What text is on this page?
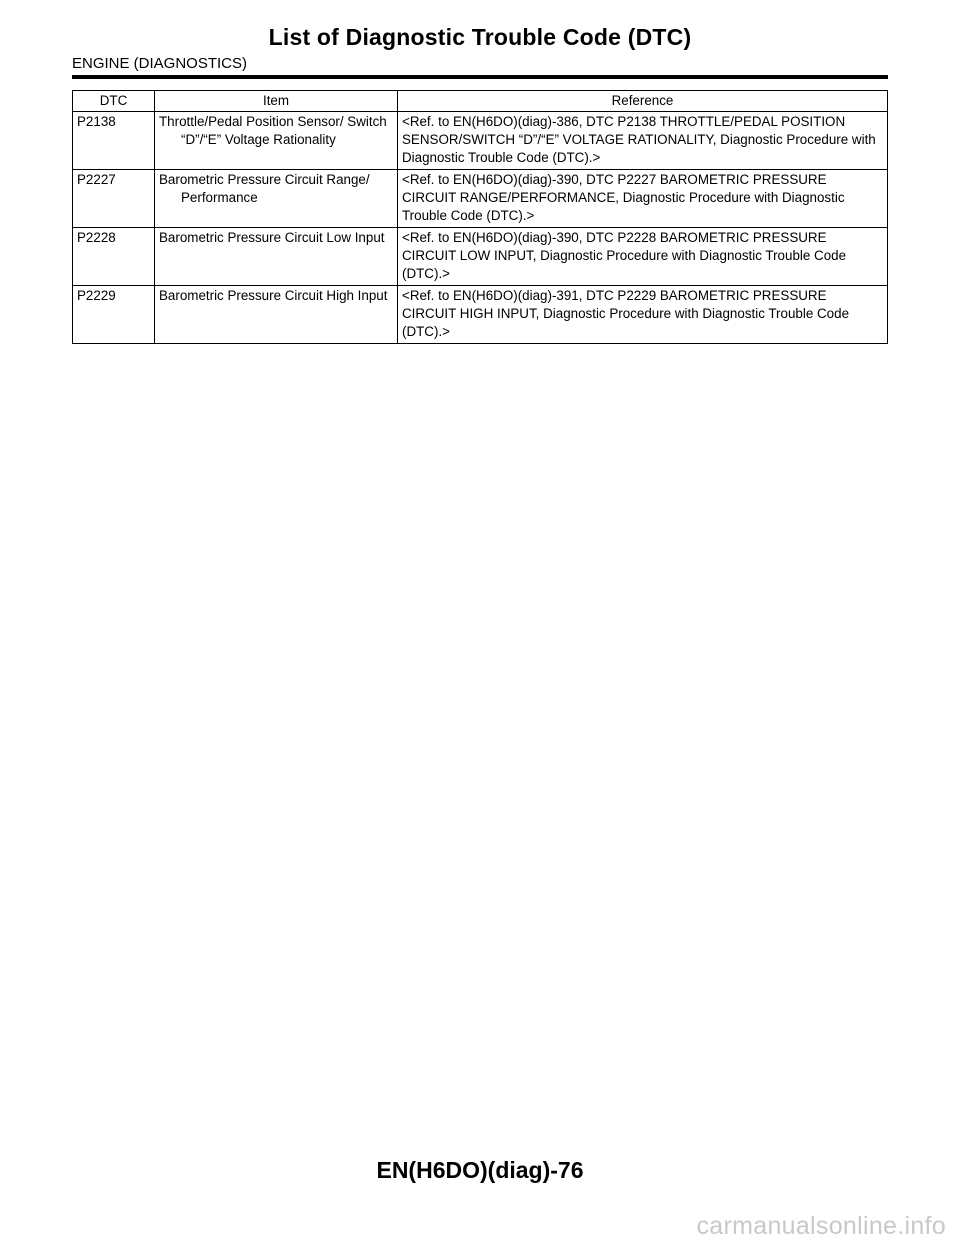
List of Diagnostic Trouble Code (DTC)
ENGINE (DIAGNOSTICS)
DTC	Item	Reference
P2138	Throttle/Pedal Position Sensor/ Switch “D”/“E” Voltage Rationality	<Ref. to EN(H6DO)(diag)-386, DTC P2138 THROTTLE/PEDAL POSITION SENSOR/SWITCH “D”/“E” VOLTAGE RATIONALITY, Diagnostic Procedure with Diagnostic Trouble Code (DTC).>
P2227	Barometric Pressure Circuit Range/ Performance	<Ref. to EN(H6DO)(diag)-390, DTC P2227 BAROMETRIC PRESSURE CIRCUIT RANGE/PERFORMANCE, Diagnostic Procedure with Diagnostic Trouble Code (DTC).>
P2228	Barometric Pressure Circuit Low Input	<Ref. to EN(H6DO)(diag)-390, DTC P2228 BAROMETRIC PRESSURE CIRCUIT LOW INPUT, Diagnostic Procedure with Diagnostic Trouble Code (DTC).>
P2229	Barometric Pressure Circuit High Input	<Ref. to EN(H6DO)(diag)-391, DTC P2229 BAROMETRIC PRESSURE CIRCUIT HIGH INPUT, Diagnostic Procedure with Diagnostic Trouble Code (DTC).>
EN(H6DO)(diag)-76
carmanualsonline.info
